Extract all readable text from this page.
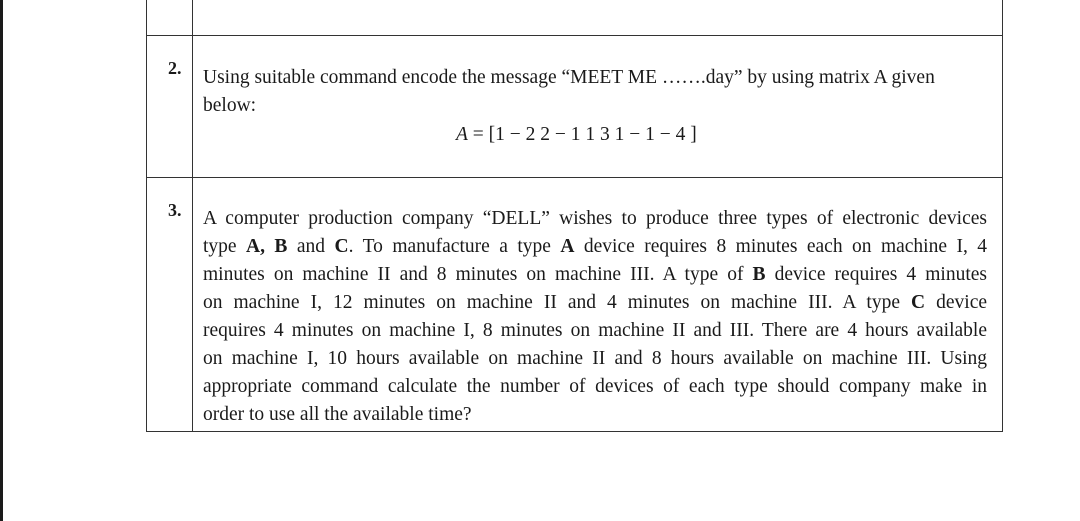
2. Using suitable command encode the message “MEET ME …….day” by using matrix A given
below:
A = [1 − 2 2 − 1 1 3 1 − 1 − 4 ]
3. A computer production company “DELL” wishes to produce three types of electronic devices
type A, B and C. To manufacture a type A device requires 8 minutes each on machine I, 4
minutes on machine II and 8 minutes on machine III. A type of B device requires 4 minutes
on machine I, 12 minutes on machine II and 4 minutes on machine III. A type C device
requires 4 minutes on machine I, 8 minutes on machine II and III. There are 4 hours available
on machine I, 10 hours available on machine II and 8 hours available on machine III. Using
appropriate command calculate the number of devices of each type should company make in
order to use all the available time?
